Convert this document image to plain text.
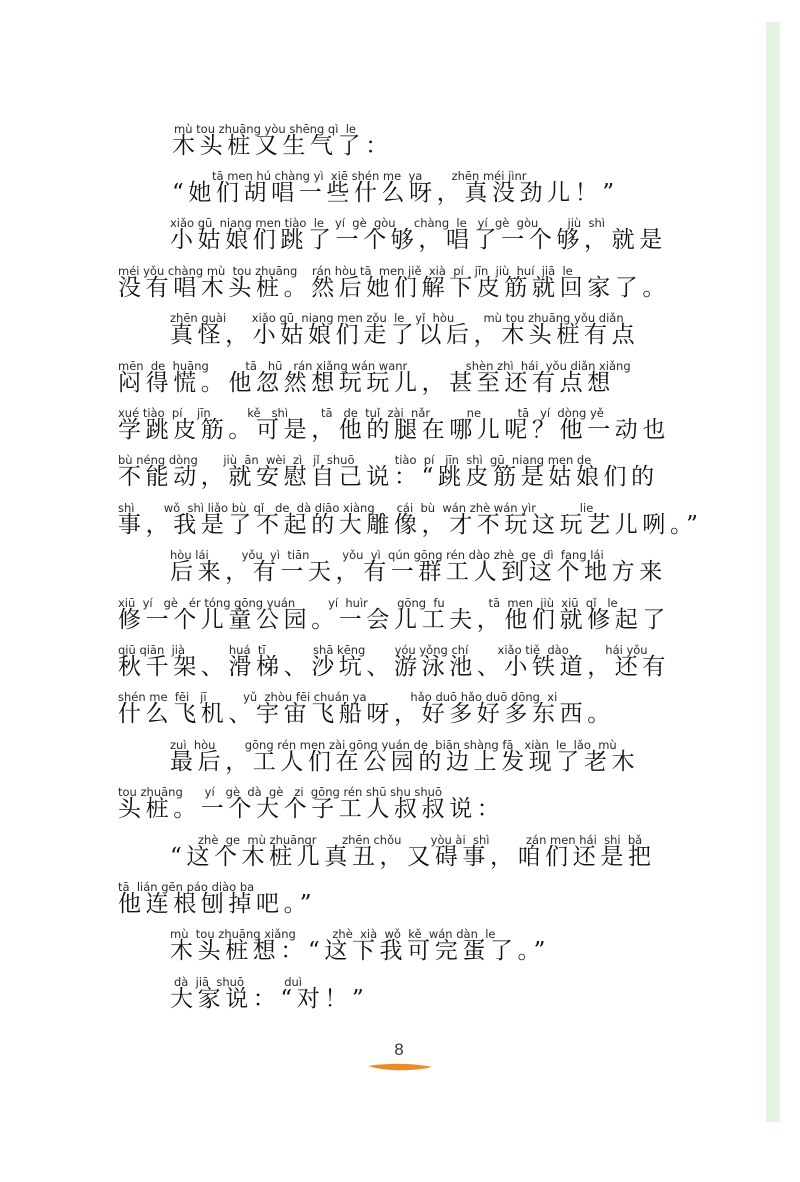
mù tou zhuāng yòu shēng qì  le
木头桩又生气了：
tā men hú chàng yì  xiē shén me  ya        zhēn méi jìnr
“她们胡唱一些什么呀，真没劲儿！”
xiǎo gū  niang men tiào  le   yí  gè  gòu     chàng  le   yí  gè  gòu        jiù  shì
小姑娘们跳了一个够，唱了一个够，就是
méi yǒu chàng mù  tou zhuāng    rán hòu tā  men jiě  xià  pí   jīn  jiù  huí  jiā  le
没有唱木头桩。然后她们解下皮筋就回家了。
zhēn guài       xiǎo gū  niang men zǒu  le   yǐ  hòu        mù tou zhuāng yǒu diǎn
真怪，小姑娘们走了以后，木头桩有点
mēn  de  huāng          tā   hū   rán xiǎng wán wanr                shèn zhì  hái  yǒu diǎn xiǎng
闷得慌。他忽然想玩玩儿，甚至还有点想
xué tiào  pí    jīn          kě   shì         tā   de  tuǐ  zài  nǎr          ne          tā   yí  dòng yě
学跳皮筋。可是，他的腿在哪儿呢？他一动也
bù néng dòng       jiù  ān  wèi  zì   jǐ  shuō           tiào  pí   jīn  shì  gū  niang men de
不能动，就安慰自己说：“跳皮筋是姑娘们的
shì        wǒ  shì liǎo bù  qǐ   de  dà diāo xiàng      cái  bù  wán zhè wán yìr            lie
事，我是了不起的大雕像，才不玩这玩艺儿咧。”
hòu lái         yǒu  yì  tiān         yǒu  yì  qún gōng rén dào zhè  ge  dì  fang lái
后来，有一天，有一群工人到这个地方来
xiū  yí   gè   ér tóng gōng yuán         yí  huìr        gōng  fu            tā  men  jiù  xiū  qǐ   le
修一个儿童公园。一会儿工夫，他们就修起了
qiū qiān  jià            huá  tī             shā kēng        yóu yǒng chí        xiǎo tiě  dào          hái yǒu
秋千架、滑梯、沙坑、游泳池、小铁道，还有
shén me  fēi   jī          yǔ  zhòu fēi chuán ya            hǎo duō hǎo duō dōng  xi
什么飞机、宇宙飞船呀，好多好多东西。
zuì  hòu        gōng rén men zài gōng yuán de  biān shàng fā   xiàn  le  lǎo  mù
最后，工人们在公园的边上发现了老木
tou zhuāng      yí   gè  dà  gè   zi  gōng rén shū shu shuō
头桩。一个大个子工人叔叔说：
zhè  ge  mù zhuāngr       zhēn chǒu        yòu ài  shì          zán men hái  shi  bǎ
“这个木桩儿真丑，又碍事，咱们还是把
tā  lián gēn páo diào ba
他连根刨掉吧。”
mù  tou zhuāng xiǎng          zhè  xià  wǒ  kě  wán dàn  le
木头桩想：“这下我可完蛋了。”
dà  jiā  shuō           duì
大家说：“对！”
8
